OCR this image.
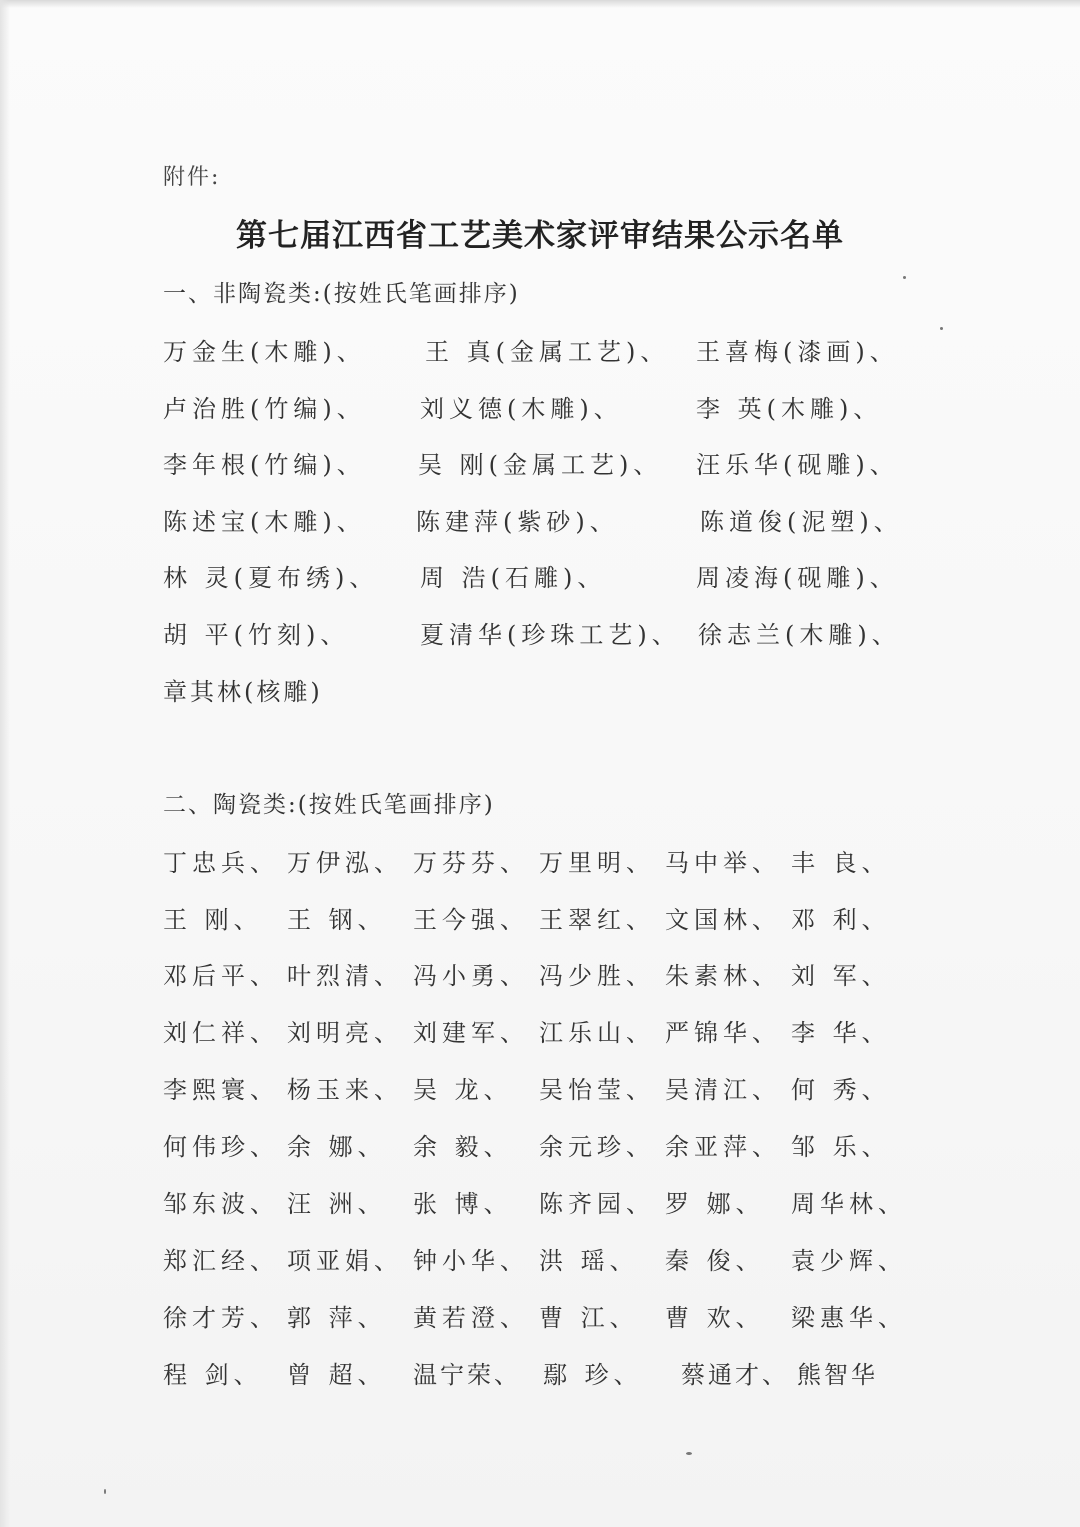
附件:
第七届江西省工艺美术家评审结果公示名单
一、非陶瓷类:(按姓氏笔画排序)
万金生(木雕)、 王 真(金属工艺)、 王喜梅(漆画)、
卢治胜(竹编)、 刘义德(木雕)、	李 英(木雕)、
李年根(竹编)、 吴 刚(金属工艺)、 汪乐华(砚雕)、
陈述宝(木雕)、 陈建萍(紫砂)、	陈道俊(泥塑)、
林 灵(夏布绣)、 周 浩(石雕)、	周凌海(砚雕)、
胡 平(竹刻)、	夏清华(珍珠工艺)、 徐志兰(木雕)、
章其林(核雕)
二、陶瓷类:(按姓氏笔画排序)
丁忠兵、 万伊泓、 万芬芬、 万里明、 马中举、 丰 良、
王 刚、 王 钢、 王今强、 王翠红、 文国林、 邓 利、
邓后平、 叶烈清、 冯小勇、 冯少胜、 朱素林、 刘 军、
刘仁祥、 刘明亮、 刘建军、 江乐山、 严锦华、 李 华、
李熙寰、 杨玉来、 吴 龙、 吴怡莹、 吴清江、 何 秀、
何伟珍、 余 娜、 余 毅、 余元珍、 余亚萍、 邹 乐、
邹东波、 汪 洲、 张 博、 陈齐园、 罗 娜、 周华林、
郑汇经、 项亚娟、 钟小华、 洪 瑶、 秦 俊、 袁少辉、
徐才芳、 郭 萍、 黄若澄、 曹 江、 曹 欢、 梁惠华、
程 剑、 曾 超、 温宁荣、 鄢 珍、 蔡通才、 熊智华
